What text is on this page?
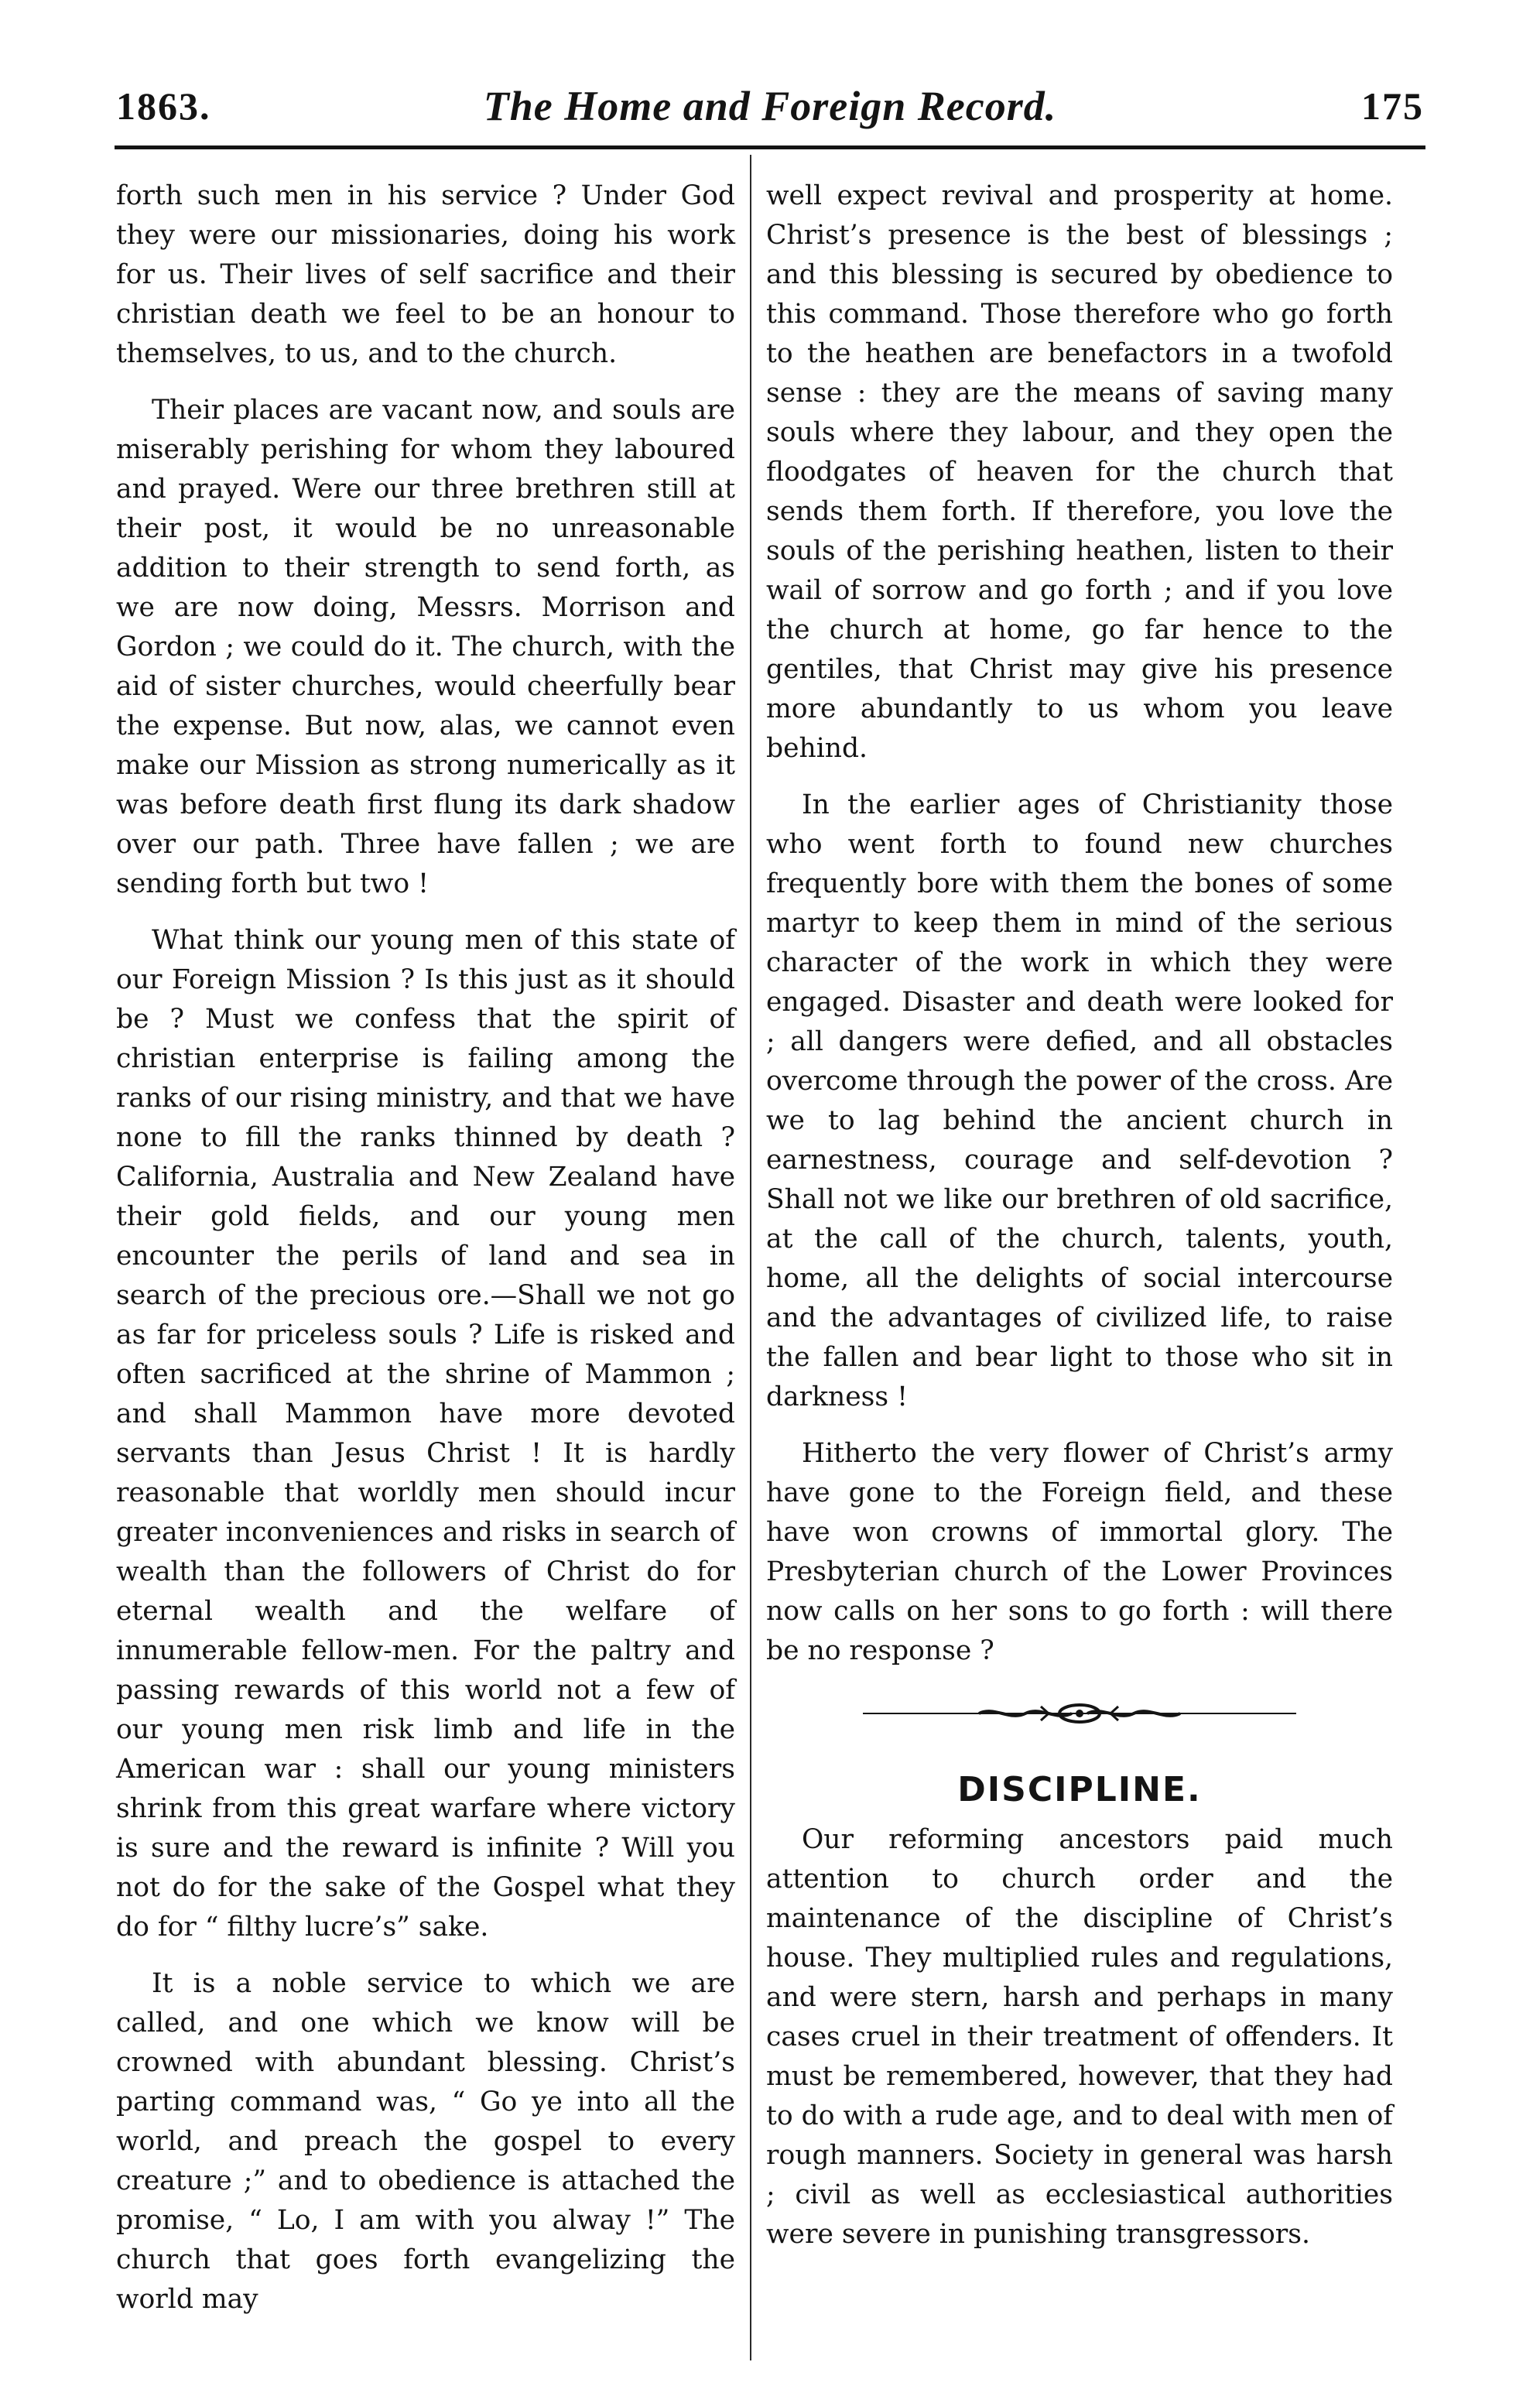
1863.	The Home and Foreign Record.	175

forth such men in his service ? Under God they were our missionaries, doing his work for us. Their lives of self sacrifice and their christian death we feel to be an honour to themselves, to us, and to the church.

Their places are vacant now, and souls are miserably perishing for whom they laboured and prayed. Were our three brethren still at their post, it would be no unreasonable addition to their strength to send forth, as we are now doing, Messrs. Morrison and Gordon ; we could do it. The church, with the aid of sister churches, would cheerfully bear the expense. But now, alas, we cannot even make our Mission as strong numerically as it was before death first flung its dark shadow over our path. Three have fallen ; we are sending forth but two !

What think our young men of this state of our Foreign Mission ? Is this just as it should be ? Must we confess that the spirit of christian enterprise is failing among the ranks of our rising ministry, and that we have none to fill the ranks thinned by death ? California, Australia and New Zealand have their gold fields, and our young men encounter the perils of land and sea in search of the precious ore.—Shall we not go as far for priceless souls ? Life is risked and often sacrificed at the shrine of Mammon ; and shall Mammon have more devoted servants than Jesus Christ ! It is hardly reasonable that worldly men should incur greater inconveniences and risks in search of wealth than the followers of Christ do for eternal wealth and the welfare of innumerable fellow-men. For the paltry and passing rewards of this world not a few of our young men risk limb and life in the American war : shall our young ministers shrink from this great warfare where victory is sure and the reward is infinite ? Will you not do for the sake of the Gospel what they do for “ filthy lucre’s” sake.

It is a noble service to which we are called, and one which we know will be crowned with abundant blessing. Christ’s parting command was, “ Go ye into all the world, and preach the gospel to every creature ;” and to obedience is attached the promise, “ Lo, I am with you alway !” The church that goes forth evangelizing the world may

well expect revival and prosperity at home. Christ’s presence is the best of blessings ; and this blessing is secured by obedience to this command. Those therefore who go forth to the heathen are benefactors in a twofold sense : they are the means of saving many souls where they labour, and they open the floodgates of heaven for the church that sends them forth. If therefore, you love the souls of the perishing heathen, listen to their wail of sorrow and go forth ; and if you love the church at home, go far hence to the gentiles, that Christ may give his presence more abundantly to us whom you leave behind.

In the earlier ages of Christianity those who went forth to found new churches frequently bore with them the bones of some martyr to keep them in mind of the serious character of the work in which they were engaged. Disaster and death were looked for ; all dangers were defied, and all obstacles overcome through the power of the cross. Are we to lag behind the ancient church in earnestness, courage and self-devotion ? Shall not we like our brethren of old sacrifice, at the call of the church, talents, youth, home, all the delights of social intercourse and the advantages of civilized life, to raise the fallen and bear light to those who sit in darkness !

Hitherto the very flower of Christ’s army have gone to the Foreign field, and these have won crowns of immortal glory. The Presbyterian church of the Lower Provinces now calls on her sons to go forth : will there be no response ?

DISCIPLINE.

Our reforming ancestors paid much attention to church order and the maintenance of the discipline of Christ’s house. They multiplied rules and regulations, and were stern, harsh and perhaps in many cases cruel in their treatment of offenders. It must be remembered, however, that they had to do with a rude age, and to deal with men of rough manners. Society in general was harsh ; civil as well as ecclesiastical authorities were severe in punishing transgressors.
